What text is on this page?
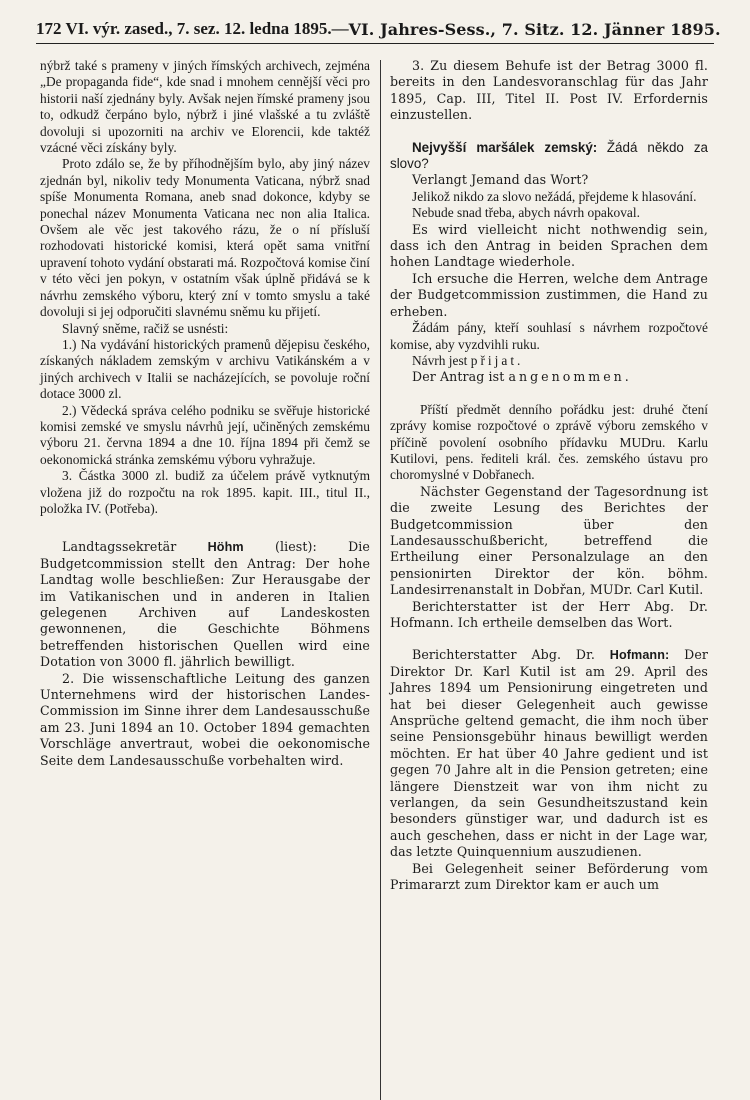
172 VI. výr. zased., 7. sez. 12. ledna 1895. — VI. Jahres-Sess., 7. Sitz. 12. Jänner 1895.

nýbrž také s prameny v jiných římských archivech, zejména „De propaganda fide“, kde snad i mnohem cennější věci pro historii naší zjednány byly. Avšak nejen římské prameny jsou to, odkudž čerpáno bylo, nýbrž i jiné vlašské a tu zvláště dovoluji si upozorniti na archiv ve Elorencii, kde taktéž vzácné věci získány byly.

Proto zdálo se, že by příhodnějším bylo, aby jiný název zjednán byl, nikoliv tedy Monumenta Vaticana, nýbrž snad spíše Monumenta Romana, aneb snad dokonce, kdyby se ponechal název Monumenta Vaticana nec non alia Italica. Ovšem ale věc jest takového rázu, že o ní přísluší rozhodovati historické komisi, která opět sama vnitřní upravení tohoto vydání obstarati má. Rozpočtová komise činí v této věci jen pokyn, v ostatním však úplně přidává se k návrhu zemského výboru, který zní v tomto smyslu a také dovoluji si jej odporučiti slavnému sněmu ku přijetí.

Slavný sněme, račiž se usnésti:

1.) Na vydávání historických pramenů dějepisu českého, získaných nákladem zemským v archivu Vatikánském a v jiných archivech v Italii se nacházejících, se povoluje roční dotace 3000 zl.

2.) Vědecká správa celého podniku se svěřuje historické komisi zemské ve smyslu návrhů její, učiněných zemskému výboru 21. června 1894 a dne 10. října 1894 při čemž se oekonomická stránka zemskému výboru vyhražuje.

3. Částka 3000 zl. budiž za účelem právě vytknutým vložena již do rozpočtu na rok 1895. kapit. III., titul II., položka IV. (Potřeba).

Landtagssekretär Höhm (liest): Die Budgetcommission stellt den Antrag: Der hohe Landtag wolle beschließen: Zur Herausgabe der im Vatikanischen und in anderen in Italien gelegenen Archiven auf Landeskosten gewonnenen, die Geschichte Böhmens betreffenden historischen Quellen wird eine Dotation von 3000 fl. jährlich bewilligt.

2. Die wissenschaftliche Leitung des ganzen Unternehmens wird der historischen Landes-Commission im Sinne ihrer dem Landesausschuße am 23. Juni 1894 an 10. October 1894 gemachten Vorschläge anvertraut, wobei die oekonomische Seite dem Landesausschuße vorbehalten wird.

3. Zu diesem Behufe ist der Betrag 3000 fl. bereits in den Landesvoranschlag für das Jahr 1895, Cap. III, Titel II. Post IV. Erfordernis einzustellen.

Nejvyšší maršálek zemský: Žádá někdo za slovo?

Verlangt Jemand das Wort?

Jelikož nikdo za slovo nežádá, přejdeme k hlasování.

Nebude snad třeba, abych návrh opakoval.

Es wird vielleicht nicht nothwendig sein, dass ich den Antrag in beiden Sprachen dem hohen Landtage wiederhole.

Ich ersuche die Herren, welche dem Antrage der Budgetcommission zustimmen, die Hand zu erheben.

Žádám pány, kteří souhlasí s návrhem rozpočtové komise, aby vyzdvihli ruku.

Návrh jest přijat.

Der Antrag ist angenommen.

Příští předmět denního pořádku jest: druhé čtení zprávy komise rozpočtové o zprávě výboru zemského v příčině povolení osobního přídavku MUDru. Karlu Kutilovi, pens. řediteli král. čes. zemského ústavu pro choromyslné v Dobřanech.

Nächster Gegenstand der Tagesordnung ist die zweite Lesung des Berichtes der Budgetcommission über den Landesausschußbericht, betreffend die Ertheilung einer Personalzulage an den pensionirten Direktor der kön. böhm. Landesirrenanstalt in Dobřan, MUDr. Carl Kutil.

Berichterstatter ist der Herr Abg. Dr. Hofmann. Ich ertheile demselben das Wort.

Berichterstatter Abg. Dr. Hofmann: Der Direktor Dr. Karl Kutil ist am 29. April des Jahres 1894 um Pensionirung eingetreten und hat bei dieser Gelegenheit auch gewisse Ansprüche geltend gemacht, die ihm noch über seine Pensionsgebühr hinaus bewilligt werden möchten. Er hat über 40 Jahre gedient und ist gegen 70 Jahre alt in die Pension getreten; eine längere Dienstzeit war von ihm nicht zu verlangen, da sein Gesundheitszustand kein besonders günstiger war, und dadurch ist es auch geschehen, dass er nicht in der Lage war, das letzte Quinquennium auszudienen.

Bei Gelegenheit seiner Beförderung vom Primararzt zum Direktor kam er auch um
